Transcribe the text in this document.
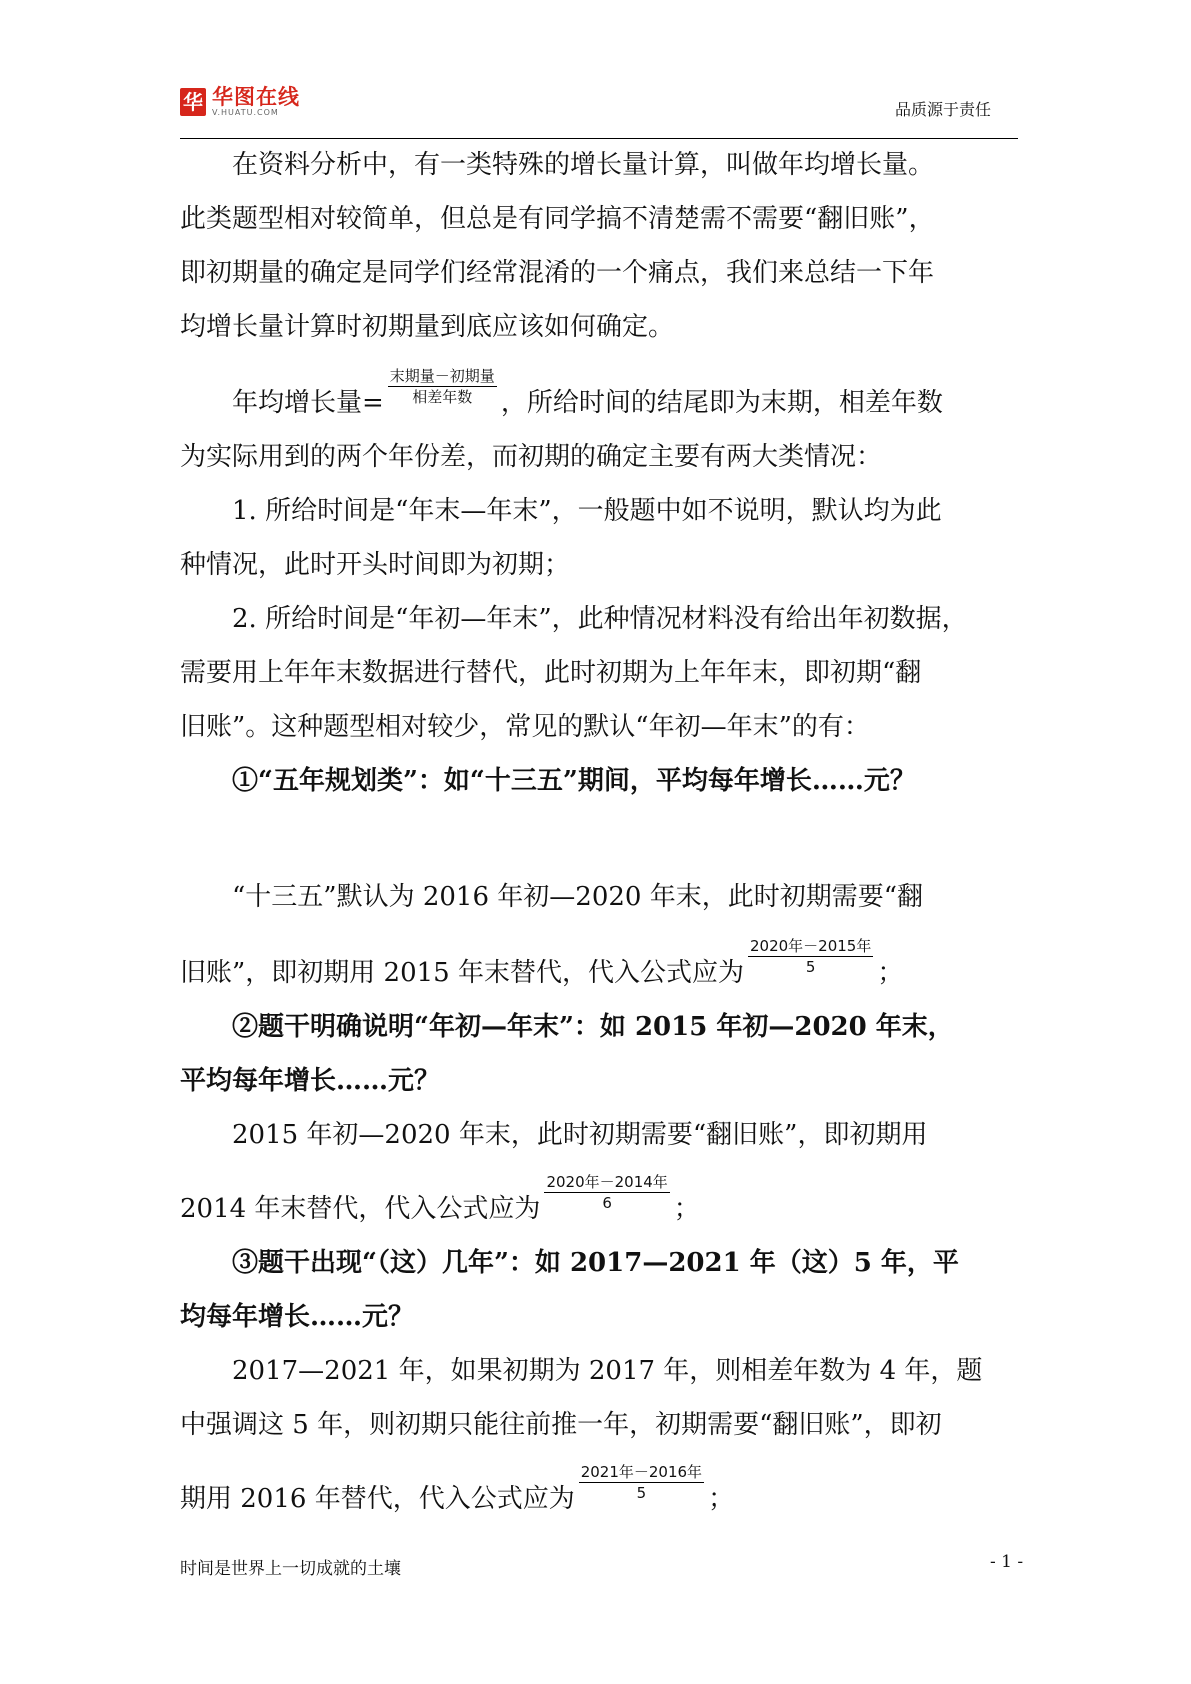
华 华图在线
V.HUATU.COM	品质源于责任
在资料分析中，有一类特殊的增长量计算，叫做年均增长量。
此类题型相对较简单，但总是有同学搞不清楚需不需要“翻旧账”，
即初期量的确定是同学们经常混淆的一个痛点，我们来总结一下年
均增长量计算时初期量到底应该如何确定。
年均增长量= $\frac{\text{末期量－初期量}}{\text{相差年数}}$ ，所给时间的结尾即为末期，相差年数
为实际用到的两个年份差，而初期的确定主要有两大类情况：
1. 所给时间是“年末—年末”，一般题中如不说明，默认均为此
种情况，此时开头时间即为初期；
2. 所给时间是“年初—年末”，此种情况材料没有给出年初数据，
需要用上年年末数据进行替代，此时初期为上年年末，即初期“翻
旧账”。这种题型相对较少，常见的默认“年初—年末”的有：
①“五年规划类”：如“十三五”期间，平均每年增长……元？
“十三五”默认为 2016 年初—2020 年末，此时初期需要“翻
旧账”，即初期用 2015 年末替代，代入公式应为 $\frac{\text{2020年－2015年}}{5}$ ；
②题干明确说明“年初—年末”：如 2015 年初—2020 年末，
平均每年增长……元？
2015 年初—2020 年末，此时初期需要“翻旧账”，即初期用
2014 年末替代，代入公式应为 $\frac{\text{2020年－2014年}}{6}$ ；
③题干出现“（这）几年”：如 2017—2021 年（这）5 年，平
均每年增长……元？
2017—2021 年，如果初期为 2017 年，则相差年数为 4 年，题
中强调这 5 年，则初期只能往前推一年，初期需要“翻旧账”，即初
期用 2016 年替代，代入公式应为 $\frac{\text{2021年－2016年}}{5}$ ；
时间是世界上一切成就的土壤	- 1 -
